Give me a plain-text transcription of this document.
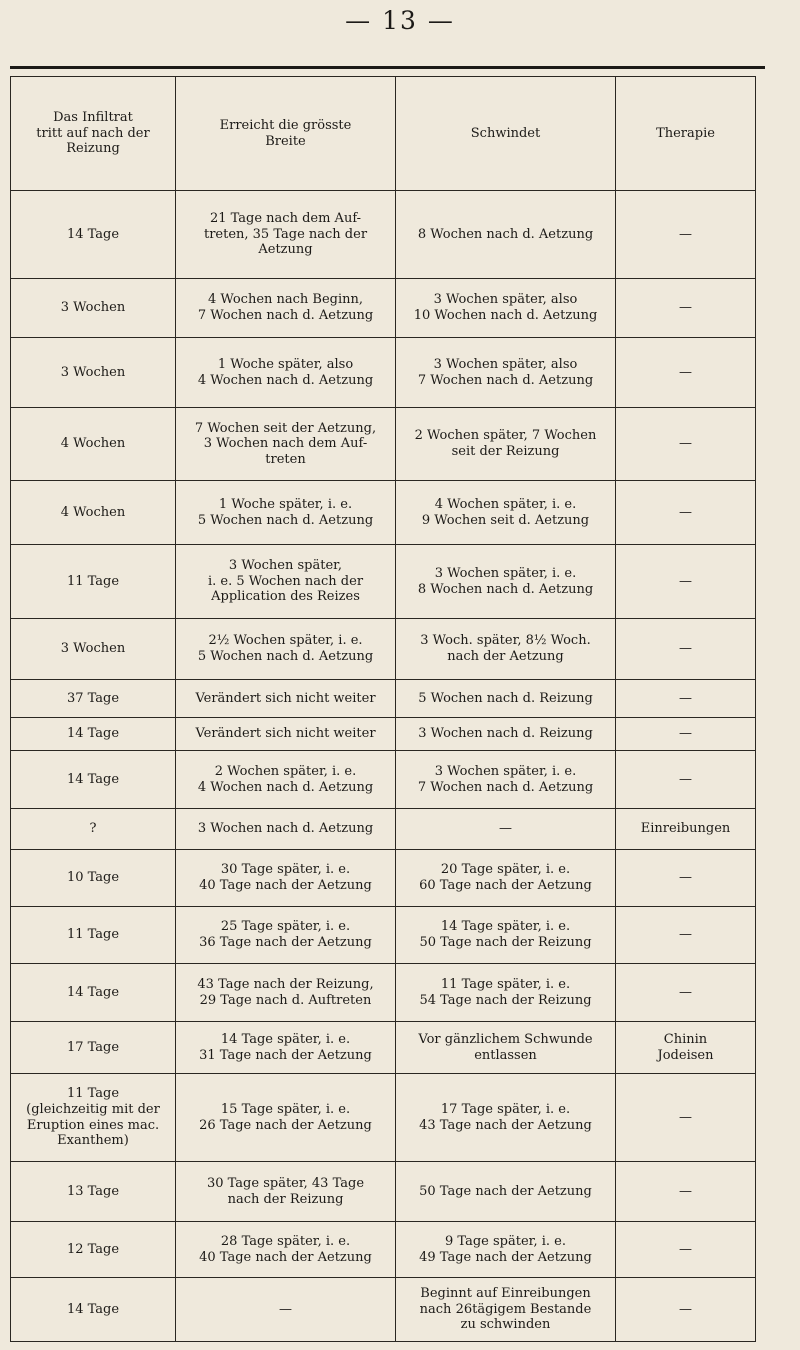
— 13 —
Das Infiltrat
tritt auf nach der
Reizung	Erreicht die grösste
Breite	Schwindet	Therapie

14 Tage	21 Tage nach dem Auf-
treten, 35 Tage nach der
Aetzung	8 Wochen nach d. Aetzung	—

3 Wochen	4 Wochen nach Beginn,
7 Wochen nach d. Aetzung	3 Wochen später, also
10 Wochen nach d. Aetzung	—

3 Wochen	1 Woche später, also
4 Wochen nach d. Aetzung	3 Wochen später, also
7 Wochen nach d. Aetzung	—

4 Wochen	7 Wochen seit der Aetzung,
3 Wochen nach dem Auf-
treten	2 Wochen später, 7 Wochen
seit der Reizung	—

4 Wochen	1 Woche später, i. e.
5 Wochen nach d. Aetzung	4 Wochen später, i. e.
9 Wochen seit d. Aetzung	—

11 Tage	3 Wochen später,
i. e. 5 Wochen nach der
Application des Reizes	3 Wochen später, i. e.
8 Wochen nach d. Aetzung	—

3 Wochen	2½ Wochen später, i. e.
5 Wochen nach d. Aetzung	3 Woch. später, 8½ Woch.
nach der Aetzung	—

37 Tage	Verändert sich nicht weiter	5 Wochen nach d. Reizung	—

14 Tage	Verändert sich nicht weiter	3 Wochen nach d. Reizung	—

14 Tage	2 Wochen später, i. e.
4 Wochen nach d. Aetzung	3 Wochen später, i. e.
7 Wochen nach d. Aetzung	—

?	3 Wochen nach d. Aetzung	—	Einreibungen

10 Tage	30 Tage später, i. e.
40 Tage nach der Aetzung	20 Tage später, i. e.
60 Tage nach der Aetzung	—

11 Tage	25 Tage später, i. e.
36 Tage nach der Aetzung	14 Tage später, i. e.
50 Tage nach der Reizung	—

14 Tage	43 Tage nach der Reizung,
29 Tage nach d. Auftreten	11 Tage später, i. e.
54 Tage nach der Reizung	—

17 Tage	14 Tage später, i. e.
31 Tage nach der Aetzung	Vor gänzlichem Schwunde
entlassen	Chinin
Jodeisen

11 Tage
(gleichzeitig mit der
Eruption eines mac.
Exanthem)	15 Tage später, i. e.
26 Tage nach der Aetzung	17 Tage später, i. e.
43 Tage nach der Aetzung	—

13 Tage	30 Tage später, 43 Tage
nach der Reizung	50 Tage nach der Aetzung	—

12 Tage	28 Tage später, i. e.
40 Tage nach der Aetzung	9 Tage später, i. e.
49 Tage nach der Aetzung	—

14 Tage	—	Beginnt auf Einreibungen
nach 26tägigem Bestande
zu schwinden	—
